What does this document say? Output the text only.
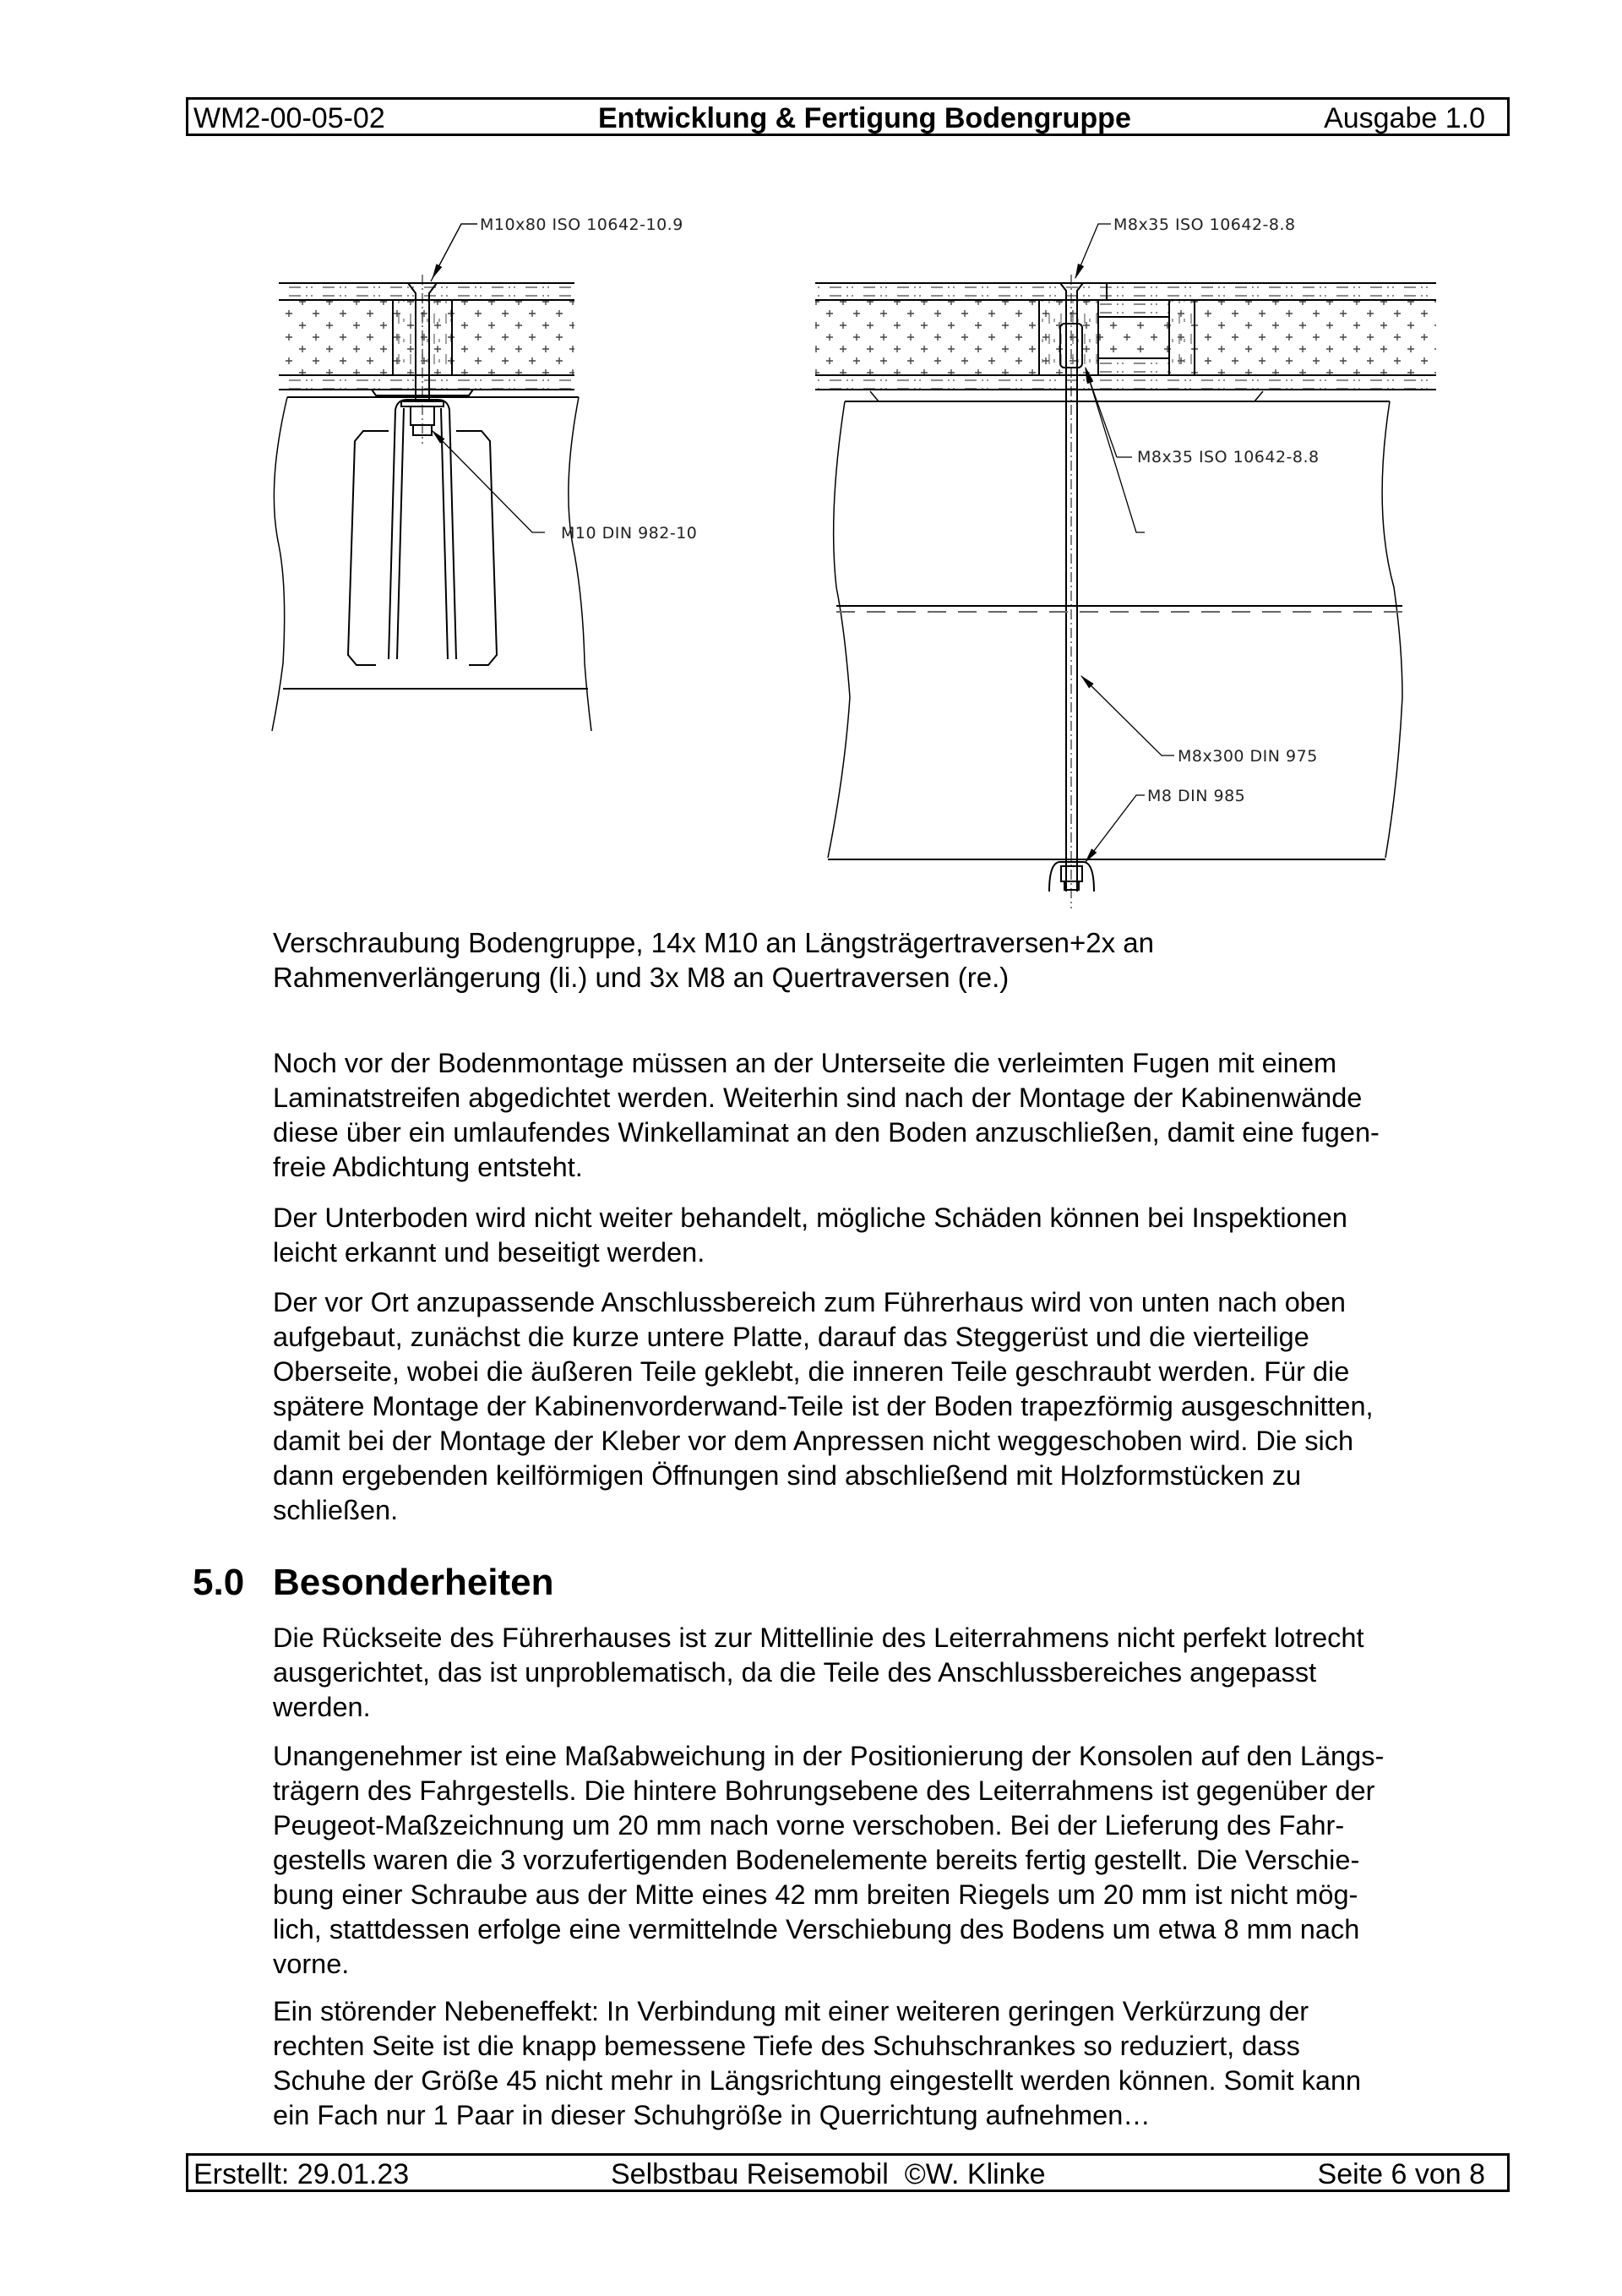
WM2-00-05-02	Entwicklung & Fertigung Bodengruppe	Ausgabe 1.0
M10x80 ISO 10642-10.9
M10 DIN 982-10
M8x35 ISO 10642-8.8
M8x35 ISO 10642-8.8
M8x300 DIN 975
M8 DIN 985
Verschraubung Bodengruppe, 14x M10 an Längsträgertraversen+2x an
Rahmenverlängerung (li.) und 3x M8 an Quertraversen (re.)
Noch vor der Bodenmontage müssen an der Unterseite die verleimten Fugen mit einem
Laminatstreifen abgedichtet werden. Weiterhin sind nach der Montage der Kabinenwände
diese über ein umlaufendes Winkellaminat an den Boden anzuschließen, damit eine fugen-
freie Abdichtung entsteht.
Der Unterboden wird nicht weiter behandelt, mögliche Schäden können bei Inspektionen
leicht erkannt und beseitigt werden.
Der vor Ort anzupassende Anschlussbereich zum Führerhaus wird von unten nach oben
aufgebaut, zunächst die kurze untere Platte, darauf das Steggerüst und die vierteilige
Oberseite, wobei die äußeren Teile geklebt, die inneren Teile geschraubt werden. Für die
spätere Montage der Kabinenvorderwand-Teile ist der Boden trapezförmig ausgeschnitten,
damit bei der Montage der Kleber vor dem Anpressen nicht weggeschoben wird. Die sich
dann ergebenden keilförmigen Öffnungen sind abschließend mit Holzformstücken zu
schließen.
5.0 Besonderheiten
Die Rückseite des Führerhauses ist zur Mittellinie des Leiterrahmens nicht perfekt lotrecht
ausgerichtet, das ist unproblematisch, da die Teile des Anschlussbereiches angepasst
werden.
Unangenehmer ist eine Maßabweichung in der Positionierung der Konsolen auf den Längs-
trägern des Fahrgestells. Die hintere Bohrungsebene des Leiterrahmens ist gegenüber der
Peugeot-Maßzeichnung um 20 mm nach vorne verschoben. Bei der Lieferung des Fahr-
gestells waren die 3 vorzufertigenden Bodenelemente bereits fertig gestellt. Die Verschie-
bung einer Schraube aus der Mitte eines 42 mm breiten Riegels um 20 mm ist nicht mög-
lich, stattdessen erfolge eine vermittelnde Verschiebung des Bodens um etwa 8 mm nach
vorne.
Ein störender Nebeneffekt: In Verbindung mit einer weiteren geringen Verkürzung der
rechten Seite ist die knapp bemessene Tiefe des Schuhschrankes so reduziert, dass
Schuhe der Größe 45 nicht mehr in Längsrichtung eingestellt werden können. Somit kann
ein Fach nur 1 Paar in dieser Schuhgröße in Querrichtung aufnehmen…
Erstellt: 29.01.23	Selbstbau Reisemobil  ©W. Klinke	Seite 6 von 8
